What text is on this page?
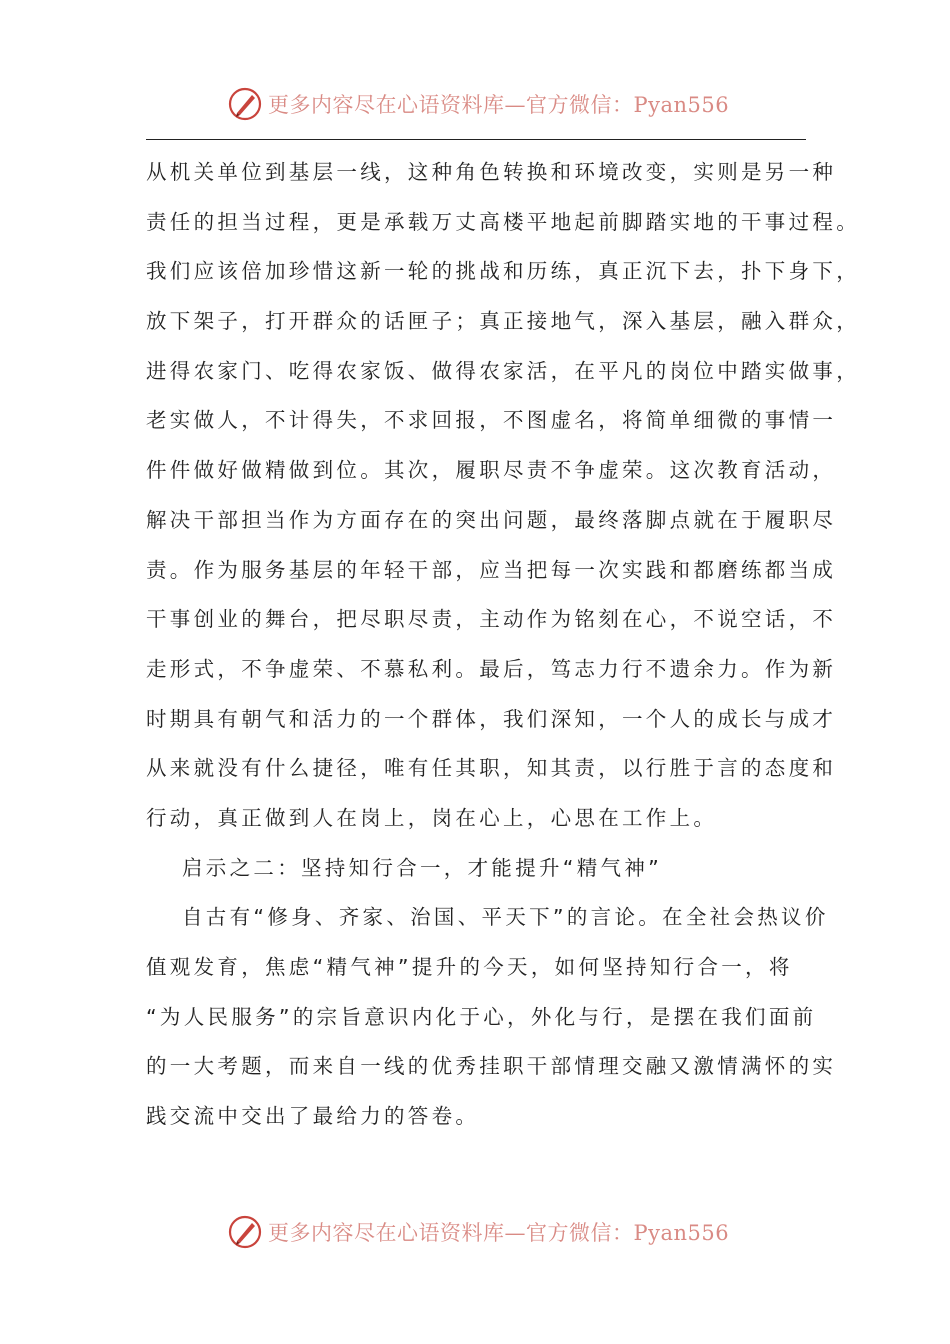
更多内容尽在心语资料库—官方微信：Pyan556
从机关单位到基层一线，这种角色转换和环境改变，实则是另一种
责任的担当过程，更是承载万丈高楼平地起前脚踏实地的干事过程。
我们应该倍加珍惜这新一轮的挑战和历练，真正沉下去，扑下身下，
放下架子，打开群众的话匣子；真正接地气，深入基层，融入群众，
进得农家门、吃得农家饭、做得农家活，在平凡的岗位中踏实做事，
老实做人，不计得失，不求回报，不图虚名，将简单细微的事情一
件件做好做精做到位。其次，履职尽责不争虚荣。这次教育活动，
解决干部担当作为方面存在的突出问题，最终落脚点就在于履职尽
责。作为服务基层的年轻干部，应当把每一次实践和都磨练都当成
干事创业的舞台，把尽职尽责，主动作为铭刻在心，不说空话，不
走形式，不争虚荣、不慕私利。最后，笃志力行不遗余力。作为新
时期具有朝气和活力的一个群体，我们深知，一个人的成长与成才
从来就没有什么捷径，唯有任其职，知其责，以行胜于言的态度和
行动，真正做到人在岗上，岗在心上，心思在工作上。
启示之二：坚持知行合一，才能提升“精气神”
自古有“修身、齐家、治国、平天下”的言论。在全社会热议价
值观发育，焦虑“精气神”提升的今天，如何坚持知行合一，将
“为人民服务”的宗旨意识内化于心，外化与行，是摆在我们面前
的一大考题，而来自一线的优秀挂职干部情理交融又激情满怀的实
践交流中交出了最给力的答卷。
更多内容尽在心语资料库—官方微信：Pyan556
